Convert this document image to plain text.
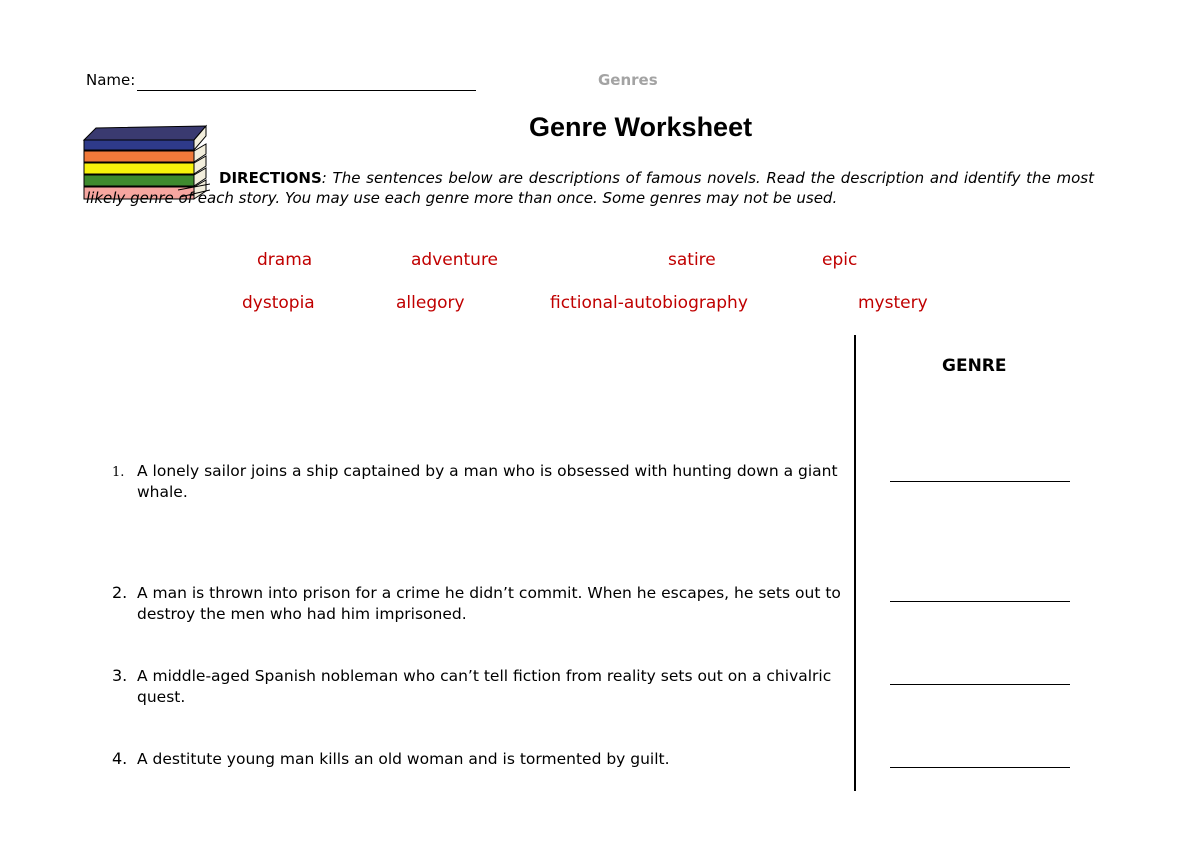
Name:	Genres
Genre Worksheet
DIRECTIONS: The sentences below are descriptions of famous novels. Read the description and identify the most likely genre of each story. You may use each genre more than once. Some genres may not be used.
drama	adventure	satire	epic
dystopia	allegory	fictional-autobiography	mystery
GENRE
1. A lonely sailor joins a ship captained by a man who is obsessed with hunting down a giant whale.
2. A man is thrown into prison for a crime he didn’t commit. When he escapes, he sets out to destroy the men who had him imprisoned.
3. A middle-aged Spanish nobleman who can’t tell fiction from reality sets out on a chivalric quest.
4. A destitute young man kills an old woman and is tormented by guilt.
